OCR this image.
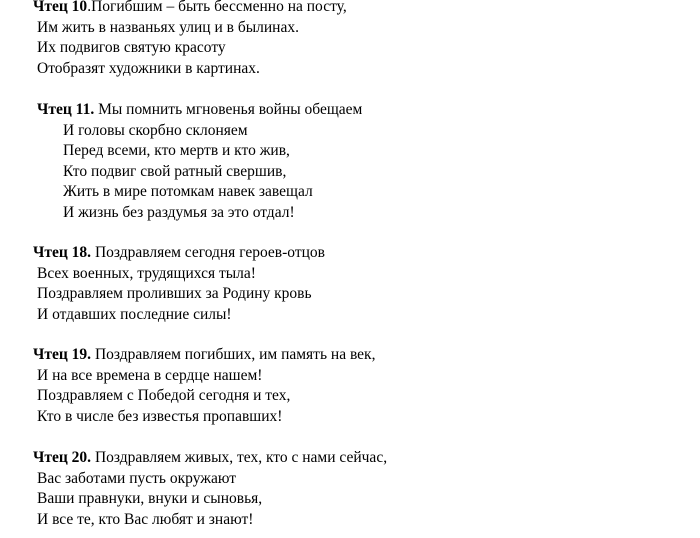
Чтец 10.Погибшим – быть бессменно на посту,
Им жить в названьях улиц и в былинах.
Их подвигов святую красоту
Отобразят художники в картинах.
Чтец 11. Мы помнить мгновенья войны обещаем
И головы скорбно склоняем
Перед всеми, кто мертв и кто жив,
Кто подвиг свой ратный свершив,
Жить в мире потомкам навек завещал
И жизнь без раздумья за это отдал!
Чтец 18. Поздравляем сегодня героев-отцов
Всех военных, трудящихся тыла!
Поздравляем проливших за Родину кровь
И отдавших последние силы!
Чтец 19. Поздравляем погибших, им память на век,
И на все времена в сердце нашем!
Поздравляем с Победой сегодня и тех,
Кто в числе без известья пропавших!
Чтец 20. Поздравляем живых, тех, кто с нами сейчас,
Вас заботами пусть окружают
Ваши правнуки, внуки и сыновья,
И все те, кто Вас любят и знают!
